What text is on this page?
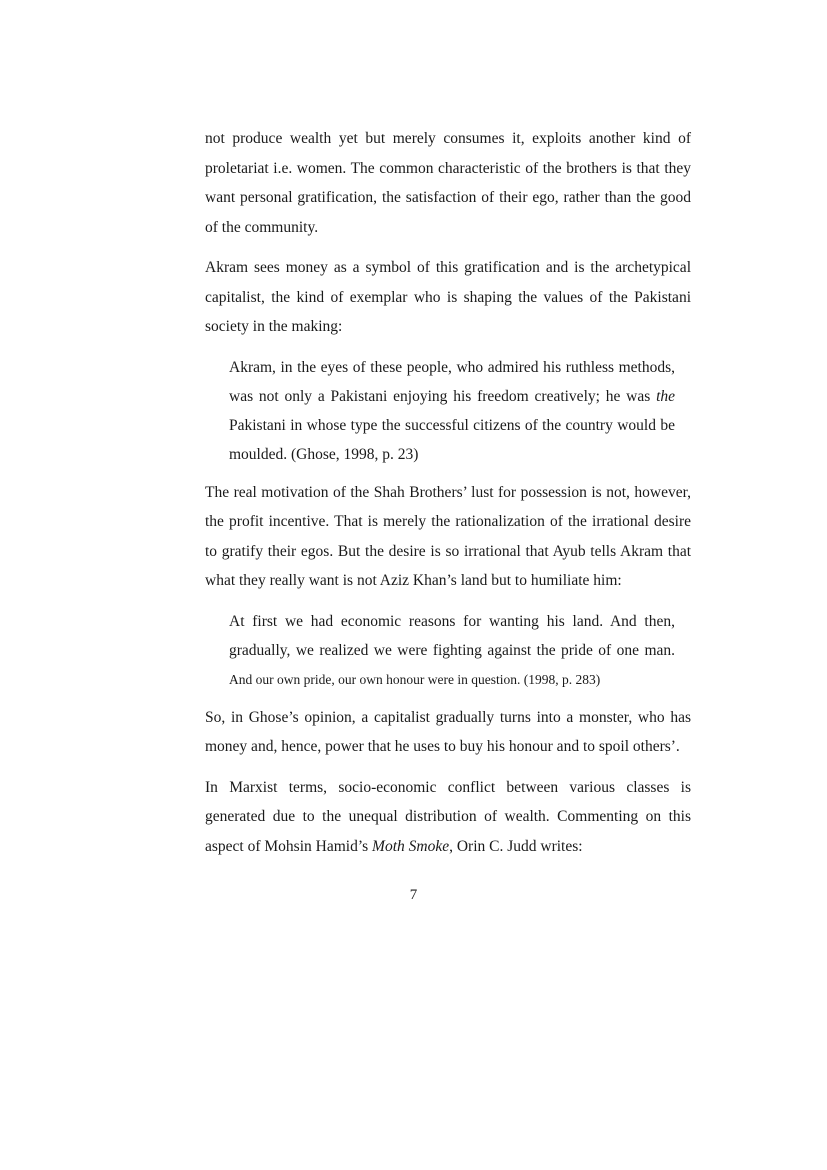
not produce wealth yet but merely consumes it, exploits another kind of proletariat i.e. women. The common characteristic of the brothers is that they want personal gratification, the satisfaction of their ego, rather than the good of the community.

Akram sees money as a symbol of this gratification and is the archetypical capitalist, the kind of exemplar who is shaping the values of the Pakistani society in the making:

Akram, in the eyes of these people, who admired his ruthless methods, was not only a Pakistani enjoying his freedom creatively; he was the Pakistani in whose type the successful citizens of the country would be moulded. (Ghose, 1998, p. 23)

The real motivation of the Shah Brothers’ lust for possession is not, however, the profit incentive. That is merely the rationalization of the irrational desire to gratify their egos. But the desire is so irrational that Ayub tells Akram that what they really want is not Aziz Khan’s land but to humiliate him:

At first we had economic reasons for wanting his land. And then, gradually, we realized we were fighting against the pride of one man. And our own pride, our own honour were in question. (1998, p. 283)

So, in Ghose’s opinion, a capitalist gradually turns into a monster, who has money and, hence, power that he uses to buy his honour and to spoil others’.

In Marxist terms, socio-economic conflict between various classes is generated due to the unequal distribution of wealth. Commenting on this aspect of Mohsin Hamid’s Moth Smoke, Orin C. Judd writes:

7
